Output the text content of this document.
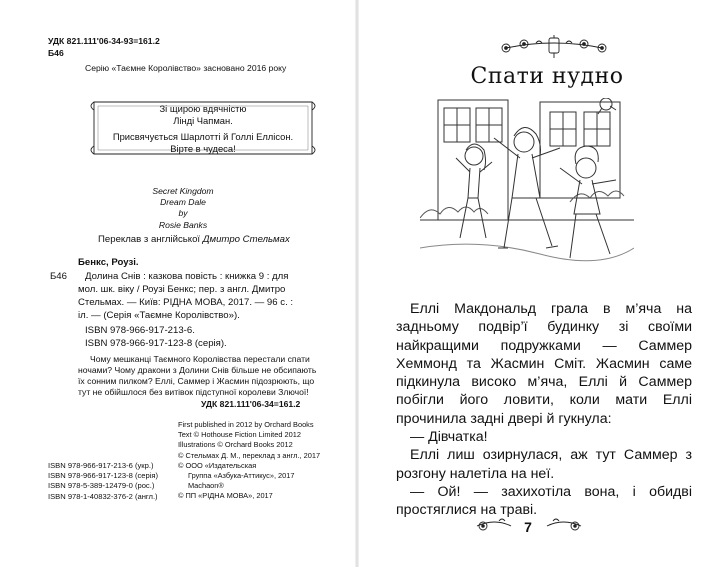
УДК 821.111'06-34-93=161.2
Б46
Серію «Таємне Королівство» засновано 2016 року
Зі щирою вдячністю
Лінді Чапман.
Присвячується Шарлотті й Голлі Еллісон.
Вірте в чудеса!
Secret Kingdom
Dream Dale
by
Rosie Banks
Переклав з англійської Дмитро Стельмах
Бенкс, Роузі.
Б46 Долина Снів : казкова повість : книжка 9 : для
мол. шк. віку / Роузі Бенкс; пер. з англ. Дмитро
Стельмах. — Київ: РІДНА МОВА, 2017. — 96 с. :
іл. — (Серія «Таємне Королівство»).
ISBN 978-966-917-213-6.
ISBN 978-966-917-123-8 (серія).
Чому мешканці Таємного Королівства перестали спати
ночами? Чому дракони з Долини Снів більше не обсипають
їх сонним пилком? Еллі, Саммер і Жасмин підозрюють, що
тут не обійшлося без витівок підступної королеви Злючої!
УДК 821.111'06-34=161.2
First published in 2012 by Orchard Books
Text © Hothouse Fiction Limited 2012
Illustrations © Orchard Books 2012
© Стельмах Д. М., переклад з англ., 2017
© ООО «Издательская
Группа «Азбука-Аттикус», 2017
Machaon®
© ПП «РІДНА МОВА», 2017
ISBN 978-966-917-213-6 (укр.)
ISBN 978-966-917-123-8 (серія)
ISBN 978-5-389-12479-0 (рос.)
ISBN 978-1-40832-376-2 (англ.)
Спати нудно

Еллі Макдональд грала в м’яча на задньому подвір’ї будинку зі своїми найкращими подружками — Саммер Хеммонд та Жасмин Сміт. Жасмин саме підкинула високо м’яча, Еллі й Саммер побігли його ловити, коли мати Еллі прочинила задні двері й гукнула:

— Дівчатка!

Еллі лиш озирнулася, аж тут Саммер з розгону налетіла на неї.

— Ой! — захихотіла вона, і обидві простяглися на траві.

7
